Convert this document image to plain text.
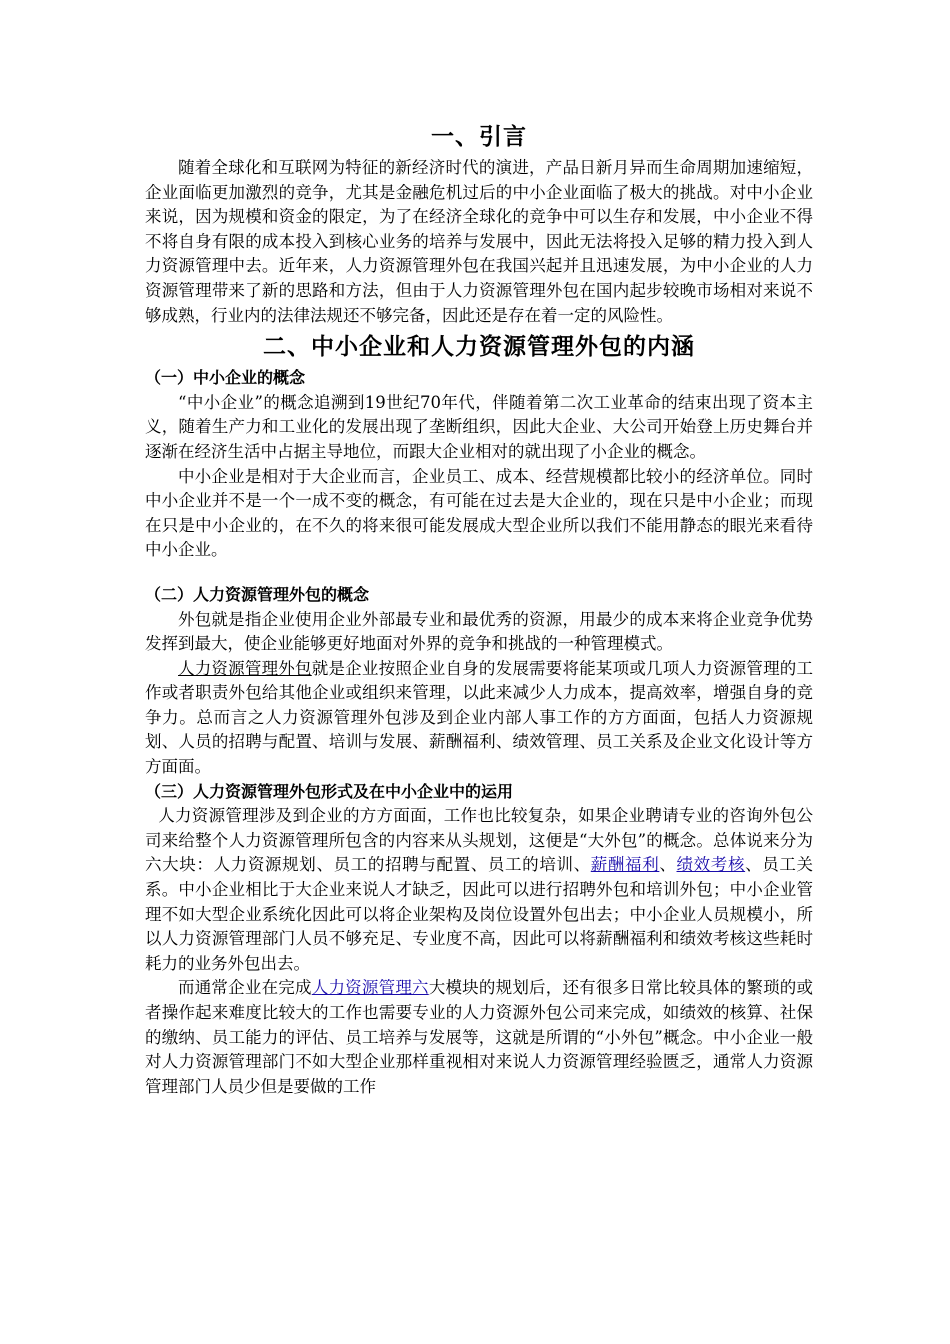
一、引言

随着全球化和互联网为特征的新经济时代的演进，产品日新月异而生命周期加速缩短，企业面临更加激烈的竞争，尤其是金融危机过后的中小企业面临了极大的挑战。对中小企业来说，因为规模和资金的限定，为了在经济全球化的竞争中可以生存和发展，中小企业不得不将自身有限的成本投入到核心业务的培养与发展中，因此无法将投入足够的精力投入到人力资源管理中去。近年来，人力资源管理外包在我国兴起并且迅速发展，为中小企业的人力资源管理带来了新的思路和方法，但由于人力资源管理外包在国内起步较晚市场相对来说不够成熟，行业内的法律法规还不够完备，因此还是存在着一定的风险性。

二、中小企业和人力资源管理外包的内涵
（一）中小企业的概念

“中小企业”的概念追溯到19世纪70年代，伴随着第二次工业革命的结束出现了资本主义，随着生产力和工业化的发展出现了垄断组织，因此大企业、大公司开始登上历史舞台并逐渐在经济生活中占据主导地位，而跟大企业相对的就出现了小企业的概念。

中小企业是相对于大企业而言，企业员工、成本、经营规模都比较小的经济单位。同时中小企业并不是一个一成不变的概念，有可能在过去是大企业的，现在只是中小企业；而现在只是中小企业的，在不久的将来很可能发展成大型企业所以我们不能用静态的眼光来看待中小企业。

（二）人力资源管理外包的概念

外包就是指企业使用企业外部最专业和最优秀的资源，用最少的成本来将企业竞争优势发挥到最大，使企业能够更好地面对外界的竞争和挑战的一种管理模式。

人力资源管理外包就是企业按照企业自身的发展需要将能某项或几项人力资源管理的工作或者职责外包给其他企业或组织来管理，以此来减少人力成本，提高效率，增强自身的竞争力。总而言之人力资源管理外包涉及到企业内部人事工作的方方面面，包括人力资源规划、人员的招聘与配置、培训与发展、薪酬福利、绩效管理、员工关系及企业文化设计等方方面面。

（三）人力资源管理外包形式及在中小企业中的运用

人力资源管理涉及到企业的方方面面，工作也比较复杂，如果企业聘请专业的咨询外包公司来给整个人力资源管理所包含的内容来从头规划，这便是“大外包”的概念。总体说来分为六大块：人力资源规划、员工的招聘与配置、员工的培训、薪酬福利、绩效考核、员工关系。中小企业相比于大企业来说人才缺乏，因此可以进行招聘外包和培训外包；中小企业管理不如大型企业系统化因此可以将企业架构及岗位设置外包出去；中小企业人员规模小，所以人力资源管理部门人员不够充足、专业度不高，因此可以将薪酬福利和绩效考核这些耗时耗力的业务外包出去。

而通常企业在完成人力资源管理六大模块的规划后，还有很多日常比较具体的繁琐的或者操作起来难度比较大的工作也需要专业的人力资源外包公司来完成，如绩效的核算、社保的缴纳、员工能力的评估、员工培养与发展等，这就是所谓的“小外包”概念。中小企业一般对人力资源管理部门不如大型企业那样重视相对来说人力资源管理经验匮乏，通常人力资源管理部门人员少但是要做的工作
